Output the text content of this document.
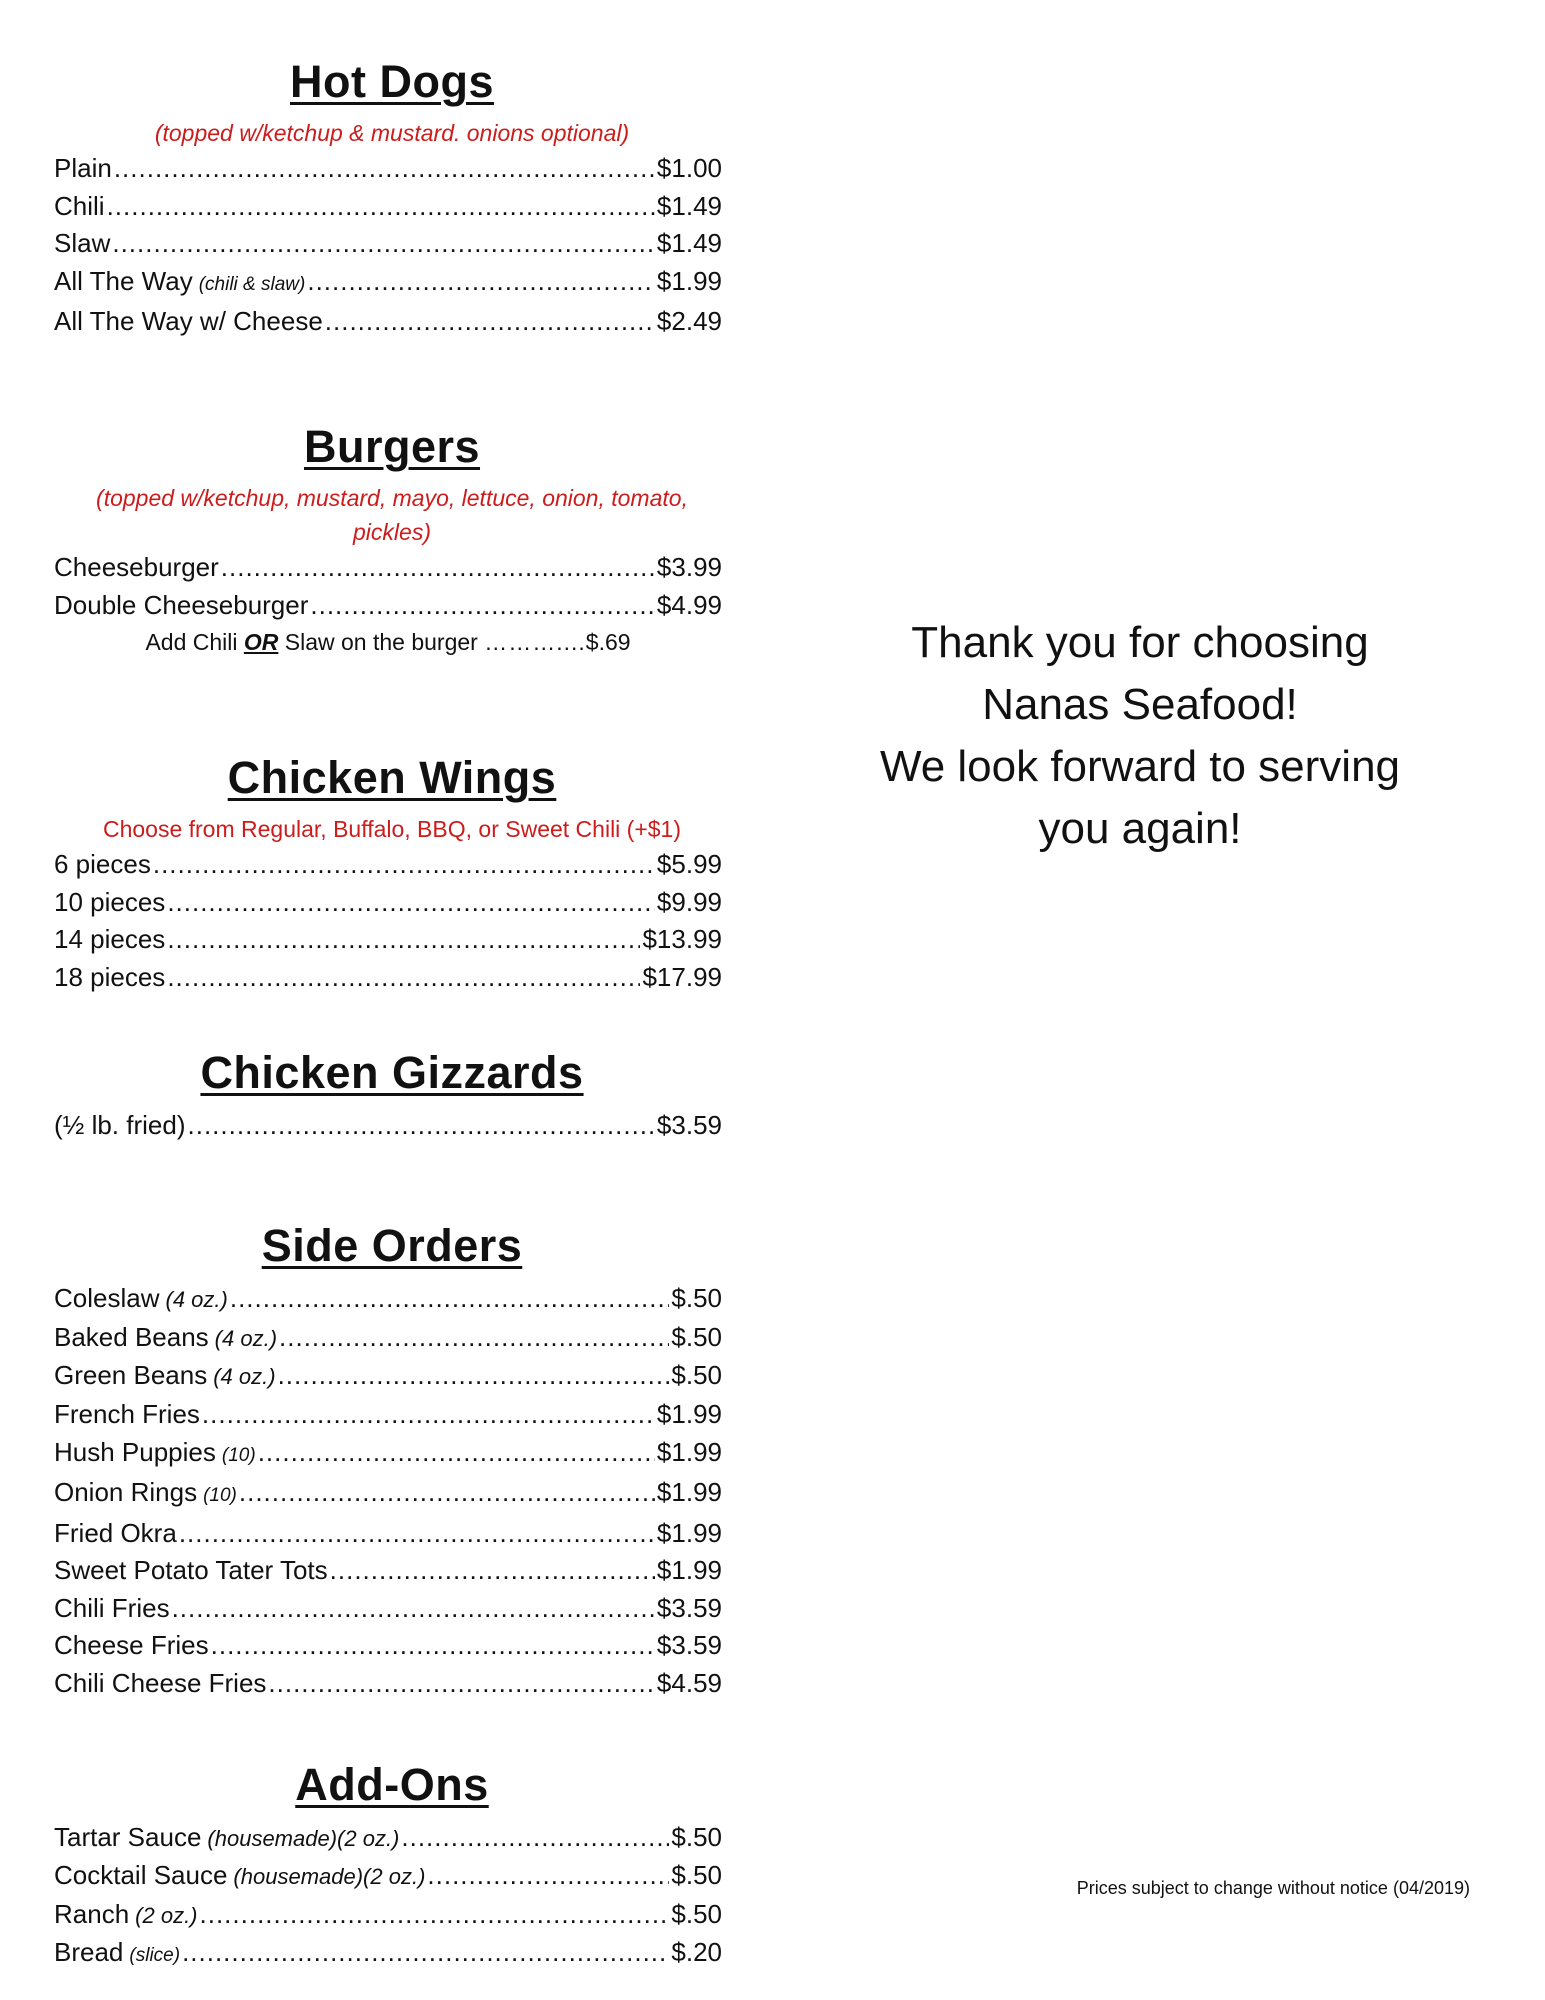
Hot Dogs
(topped w/ketchup & mustard. onions optional)
Plain .....	$1.00
Chili .....	$1.49
Slaw .....	$1.49
All The Way (chili & slaw) .....	$1.99
All The Way w/ Cheese .....	$2.49
Burgers
(topped w/ketchup, mustard, mayo, lettuce, onion, tomato, pickles)
Cheeseburger .....	$3.99
Double Cheeseburger .....	$4.99
Add Chili OR Slaw on the burger ………....$.69
Chicken Wings
Choose from Regular, Buffalo, BBQ, or Sweet Chili (+$1)
6 pieces .....	$5.99
10 pieces .....	$9.99
14 pieces .....	$13.99
18 pieces .....	$17.99
Chicken Gizzards
(½ lb. fried) .....	$3.59
Side Orders
Coleslaw (4 oz.) .....	$.50
Baked Beans (4 oz.) .....	$.50
Green Beans (4 oz.) .....	$.50
French Fries .....	$1.99
Hush Puppies (10) .....	$1.99
Onion Rings (10) .....	$1.99
Fried Okra .....	$1.99
Sweet Potato Tater Tots .....	$1.99
Chili Fries .....	$3.59
Cheese Fries .....	$3.59
Chili Cheese Fries .....	$4.59
Add-Ons
Tartar Sauce (housemade)(2 oz.) .....	$.50
Cocktail Sauce (housemade)(2 oz.) .....	$.50
Ranch (2 oz.) .....	$.50
Bread (slice) .....	$.20
Thank you for choosing
Nanas Seafood!
We look forward to serving
you again!
Prices subject to change without notice (04/2019)
